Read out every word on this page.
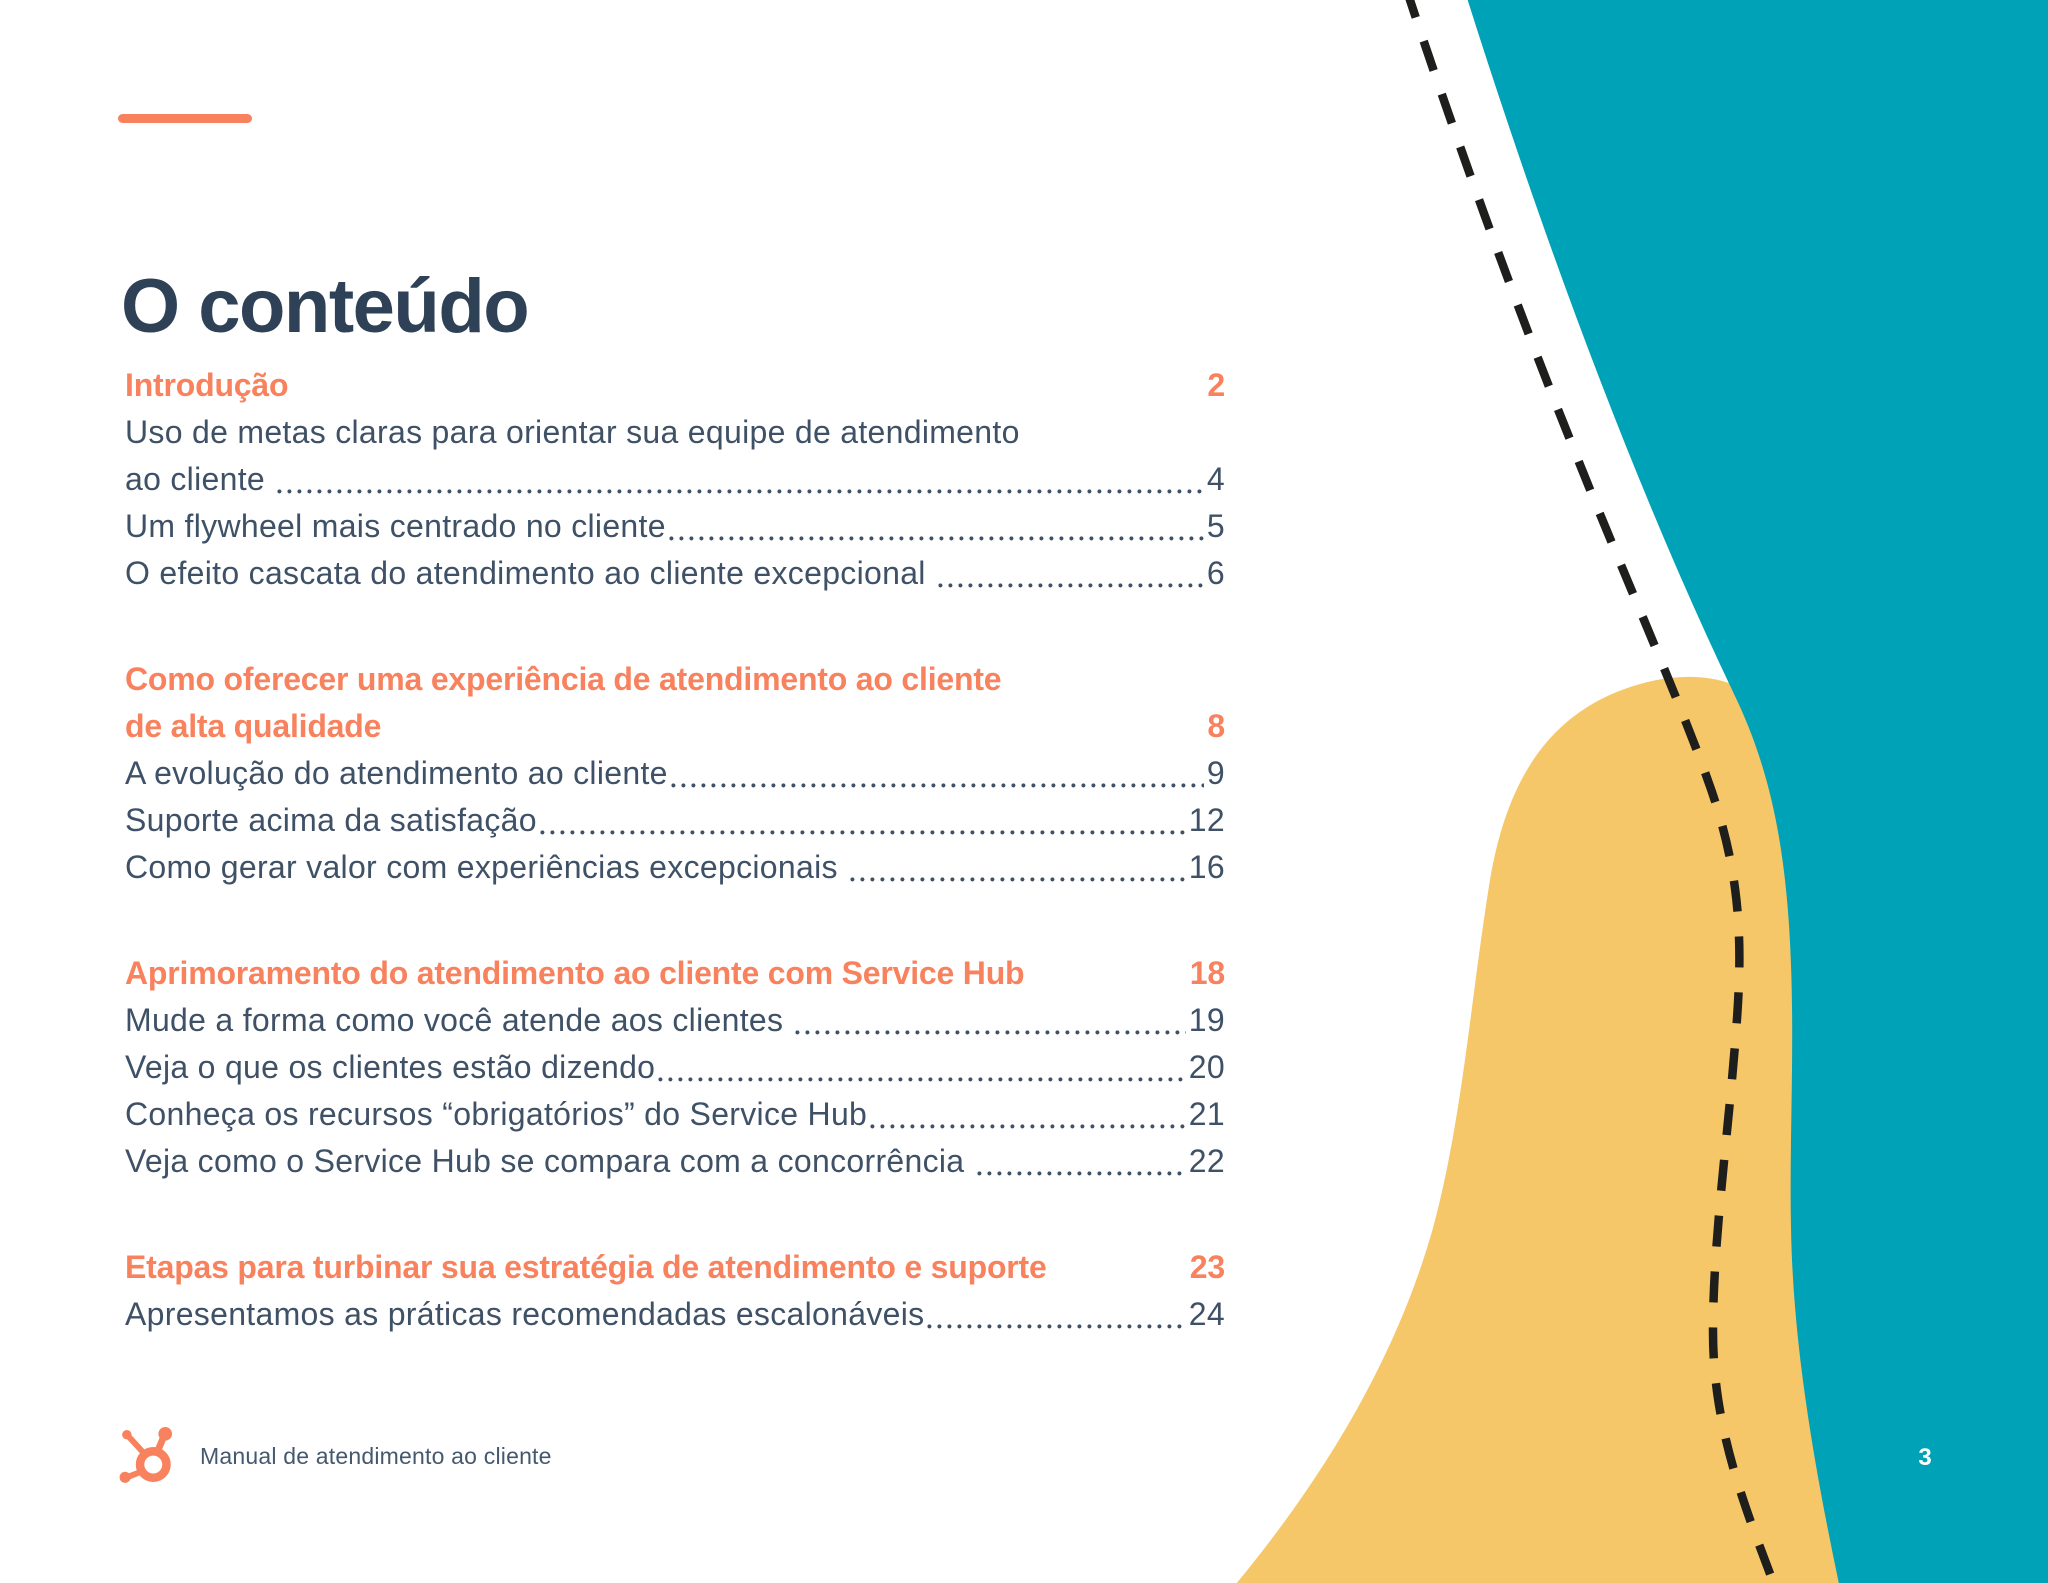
O conteúdo
Introdução	2
Uso de metas claras para orientar sua equipe de atendimento
ao cliente	4
Um flywheel mais centrado no cliente	5
O efeito cascata do atendimento ao cliente excepcional	6
Como oferecer uma experiência de atendimento ao cliente
de alta qualidade	8
A evolução do atendimento ao cliente	9
Suporte acima da satisfação	12
Como gerar valor com experiências excepcionais	16
Aprimoramento do atendimento ao cliente com Service Hub	18
Mude a forma como você atende aos clientes	19
Veja o que os clientes estão dizendo	20
Conheça os recursos “obrigatórios” do Service Hub	21
Veja como o Service Hub se compara com a concorrência	22
Etapas para turbinar sua estratégia de atendimento e suporte	23
Apresentamos as práticas recomendadas escalonáveis	24
Manual de atendimento ao cliente	3
